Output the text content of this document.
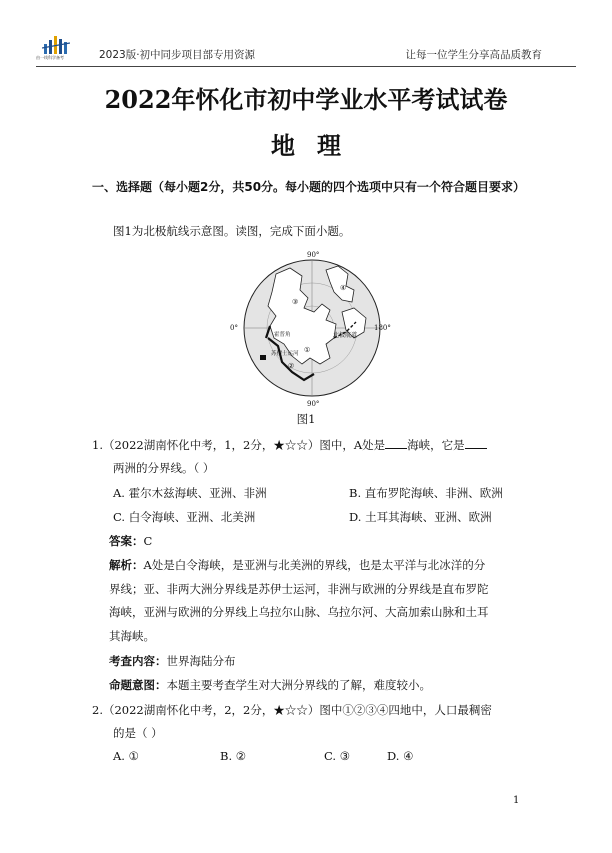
由一线科学备考	2023版·初中同步项目部专用资源	让每一位学生分享高品质教育
2022年怀化市初中学业水平考试试卷
地理
一、选择题（每小题2分，共50分。每小题的四个选项中只有一个符合题目要求）
图1为北极航线示意图。读图，完成下面小题。
90°
90°
0°	180°
北极航道
霍普角
苏伊士运河
③
④
①
②
图1
1.（2022湖南怀化中考，1，2分，★☆☆）图中，A处是 海峡，它是
两洲的分界线。（ ）
A. 霍尔木兹海峡、亚洲、非洲	B. 直布罗陀海峡、非洲、欧洲
C. 白令海峡、亚洲、北美洲	D. 土耳其海峡、亚洲、欧洲
答案：C
解析：A处是白令海峡，是亚洲与北美洲的界线，也是太平洋与北冰洋的分
界线；亚、非两大洲分界线是苏伊士运河，非洲与欧洲的分界线是直布罗陀
海峡，亚洲与欧洲的分界线上乌拉尔山脉、乌拉尔河、大高加索山脉和土耳
其海峡。
考查内容：世界海陆分布
命题意图：本题主要考查学生对大洲分界线的了解，难度较小。
2.（2022湖南怀化中考，2，2分，★☆☆）图中①②③④四地中，人口最稠密
的是（ ）
A. ①	B. ②	C. ③	D. ④
1
